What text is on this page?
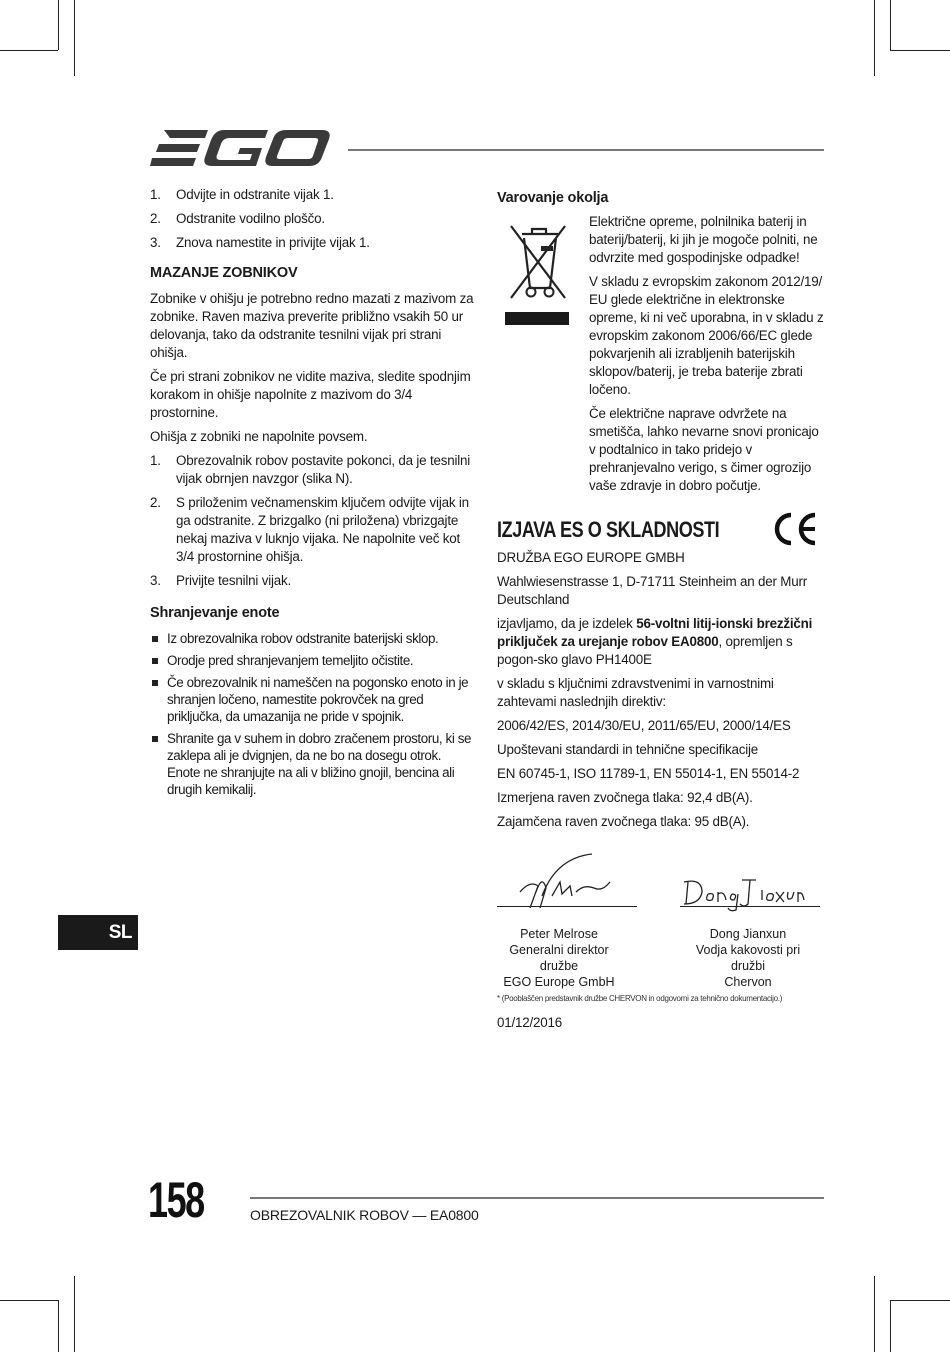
1. Odvijte in odstranite vijak 1.
2. Odstranite vodilno ploščo.
3. Znova namestite in privijte vijak 1.
MAZANJE ZOBNIKOV

Zobnike v ohišju je potrebno redno mazati z mazivom za zobnike. Raven maziva preverite približno vsakih 50 ur delovanja, tako da odstranite tesnilni vijak pri strani ohišja.

Če pri strani zobnikov ne vidite maziva, sledite spodnjim korakom in ohišje napolnite z mazivom do 3/4 prostornine.

Ohišja z zobniki ne napolnite povsem.

1. Obrezovalnik robov postavite pokonci, da je tesnilni vijak obrnjen navzgor (slika N).
2. S priloženim večnamenskim ključem odvijte vijak in ga odstranite. Z brizgalko (ni priložena) vbrizgajte nekaj maziva v luknjo vijaka. Ne napolnite več kot 3/4 prostornine ohišja.
3. Privijte tesnilni vijak.
Shranjevanje enote
Iz obrezovalnika robov odstranite baterijski sklop.
Orodje pred shranjevanjem temeljito očistite.
Če obrezovalnik ni nameščen na pogonsko enoto in je shranjen ločeno, namestite pokrovček na gred priključka, da umazanija ne pride v spojnik.
Shranite ga v suhem in dobro zračenem prostoru, ki se zaklepa ali je dvignjen, da ne bo na dosegu otrok. Enote ne shranjujte na ali v bližino gnojil, bencina ali drugih kemikalij.
Varovanje okolja

Električne opreme, polnilnika baterij in baterij/baterij, ki jih je mogoče polniti, ne odvrzite med gospodinjske odpadke!

V skladu z evropskim zakonom 2012/19/ EU glede električne in elektronske opreme, ki ni več uporabna, in v skladu z evropskim zakonom 2006/66/EC glede pokvarjenih ali izrabljenih baterijskih sklopov/baterij, je treba baterije zbrati ločeno.

Če električne naprave odvržete na smetišča, lahko nevarne snovi pronicajo v podtalnico in tako pridejo v prehranjevalno verigo, s čimer ogrozijo vaše zdravje in dobro počutje.

IZJAVA ES O SKLADNOSTI

DRUŽBA EGO EUROPE GMBH

Wahlwiesenstrasse 1, D-71711 Steinheim an der Murr Deutschland

izjavljamo, da je izdelek 56-voltni litij-ionski brezžični priključek za urejanje robov EA0800, opremljen s pogon-sko glavo PH1400E

v skladu s ključnimi zdravstvenimi in varnostnimi zahtevami naslednjih direktiv:

2006/42/ES, 2014/30/EU, 2011/65/EU, 2000/14/ES

Upoštevani standardi in tehnične specifikacije

EN 60745-1, ISO 11789-1, EN 55014-1, EN 55014-2

Izmerjena raven zvočnega tlaka: 92,4 dB(A).

Zajamčena raven zvočnega tlaka: 95 dB(A).

Peter Melrose
Generalni direktor družbe
EGO Europe GmbH
Dong Jianxun
Vodja kakovosti pri družbi
Chervon
* (Pooblaščen predstavnik družbe CHERVON in odgovorni za tehnično dokumentacijo.)
01/12/2016
SL
158	OBREZOVALNIK ROBOV — EA0800
